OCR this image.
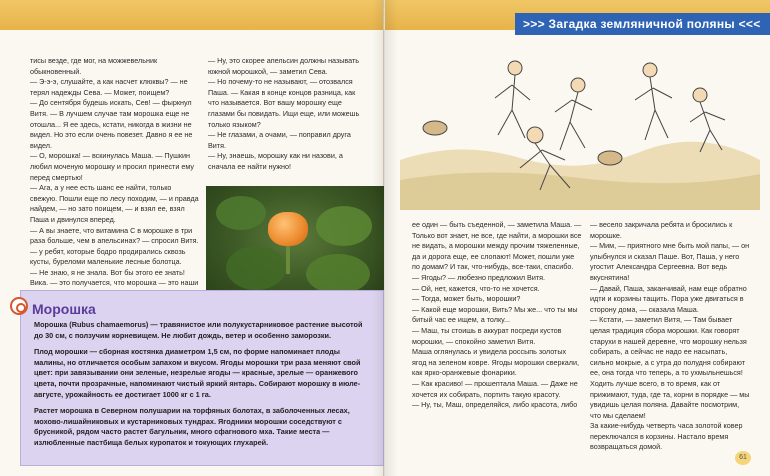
>>> Загадка земляничной поляны <<<

тисы везде, где мог, на можжевельник обыкновенный.

— Э-э-э, слушайте, а как насчет клюквы? — не терял надежды Сева. — Может, поищем?

— До сентября будешь искать, Сев! — фыркнул Витя. — В лучшем случае там морошка еще не отошла... Я ее здесь, кстати, никогда в жизни не видел. Но это если очень повезет. Давно я ее не видел.

— О, морошка! — вскинулась Маша. — Пушкин любил моченую морошку и просил принести ему перед смертью!

— Ага, а у нее есть шанс ее найти, только свежую. Пошли еще по лесу походим, — и правда найдем, — но зато поищем, — и взял ее, взял Паша и двинулся вперед.

— А вы знаете, что витамина С в морошке в три раза больше, чем в апельсинах? — спросил Витя. — у ребят, которые бодро продирались сквозь кусты, буреломи маленькие лесные болотца.

— Не знаю, я не знала. Вот бы этого ее знать! Вика. — это получается, что морошка — это наши

— Ну, это скорее апельсин должны называть южной морошкой, — заметил Сева.

— Но почему-то не называют, — отозвался Паша. — Какая в конце концов разница, как что называется. Вот вашу морошку еще глазами бы повидать. Ищи еще, или можешь только языком?

— Не глазами, а очами, — поправил друга Витя.

— Ну, знаешь, морошку как ни назови, а сначала ее найти нужно!

Морошка

Морошка (Rubus chamaemorus) — травянистое или полукустарниковое растение высотой до 30 см, с ползучим корневищем. Не любит дождь, ветер и особенно заморозки.

Плод морошки — сборная костянка диаметром 1,5 см, по форме напоминает плоды малины, но отличается особым запахом и вкусом. Ягоды морошки три раза меняют свой цвет: при завязывании они зеленые, незрелые ягоды — красные, зрелые — оранжевого цвета, почти прозрачные, напоминают чистый яркий янтарь. Собирают морошку в июле-августе, урожайность ее достигает 1000 кг с 1 га.

Растет морошка в Северном полушарии на торфяных болотах, в заболоченных лесах, мохово-лишайниковых и кустарниковых тундрах. Ягодники морошки соседствуют с брусникой, рядом часто растет багульник, много сфагнового мха. Такие места — излюбленные пастбища белых куропаток и токующих глухарей.

ее один — быть съеденной, — заметила Маша. — Только вот знает, не все, где найти, а морошки все не видать, а морошки между прочим тяжеленные, да и дорога еще, ее слопают! Может, пошли уже по домам? И так, что-нибудь, все-таки, спасибо.

— Ягоды? — любезно предложил Витя.

— Ой, нет, кажется, что-то не хочется.

— Тогда, может быть, морошки?

— Какой еще морошки, Вить? Мы же... что ты мы битый час ее ищем, а толку...

— Маш, ты стоишь в аккурат посреди кустов морошки, — спокойно заметил Витя.

Маша оглянулась и увидела россыпь золотых ягод на зеленом ковре. Ягоды морошки сверкали, как ярко-оранжевые фонарики.

— Как красиво! — прошептала Маша. — Даже не хочется их собирать, портить такую красоту.

— Ну, ты, Маш, определяйся, либо красота, либо

— весело закричала ребята и бросились к морошке.

— Мим, — приятного мне быть мой папы, — он улыбнулся и сказал Паше. Вот, Паша, у него угостит Александра Сергеевна. Вот ведь вкуснятина!

— Давай, Паша, заканчивай, нам еще обратно идти и корзины тащить. Пора уже двигаться в сторону дома, — сказала Маша.

— Кстати, — заметил Витя, — Там бывает целая традиция сбора морошки. Как говорят старухи в нашей деревне, что морошку нельзя собирать, а сейчас не надо ее насыпать, сильно мокрые, а с утра до полудня собирают ее, она тогда что теперь, а то ухмыльнешься! Ходить лучше всего, в то время, как от прижимают, туда, где та, корни в порядке — мы увидишь целая поляна. Давайте посмотрим, что мы сделаем!

За какие-нибудь четверть часа золотой ковер переключался в корзины. Настало время возвращаться домой.

61
